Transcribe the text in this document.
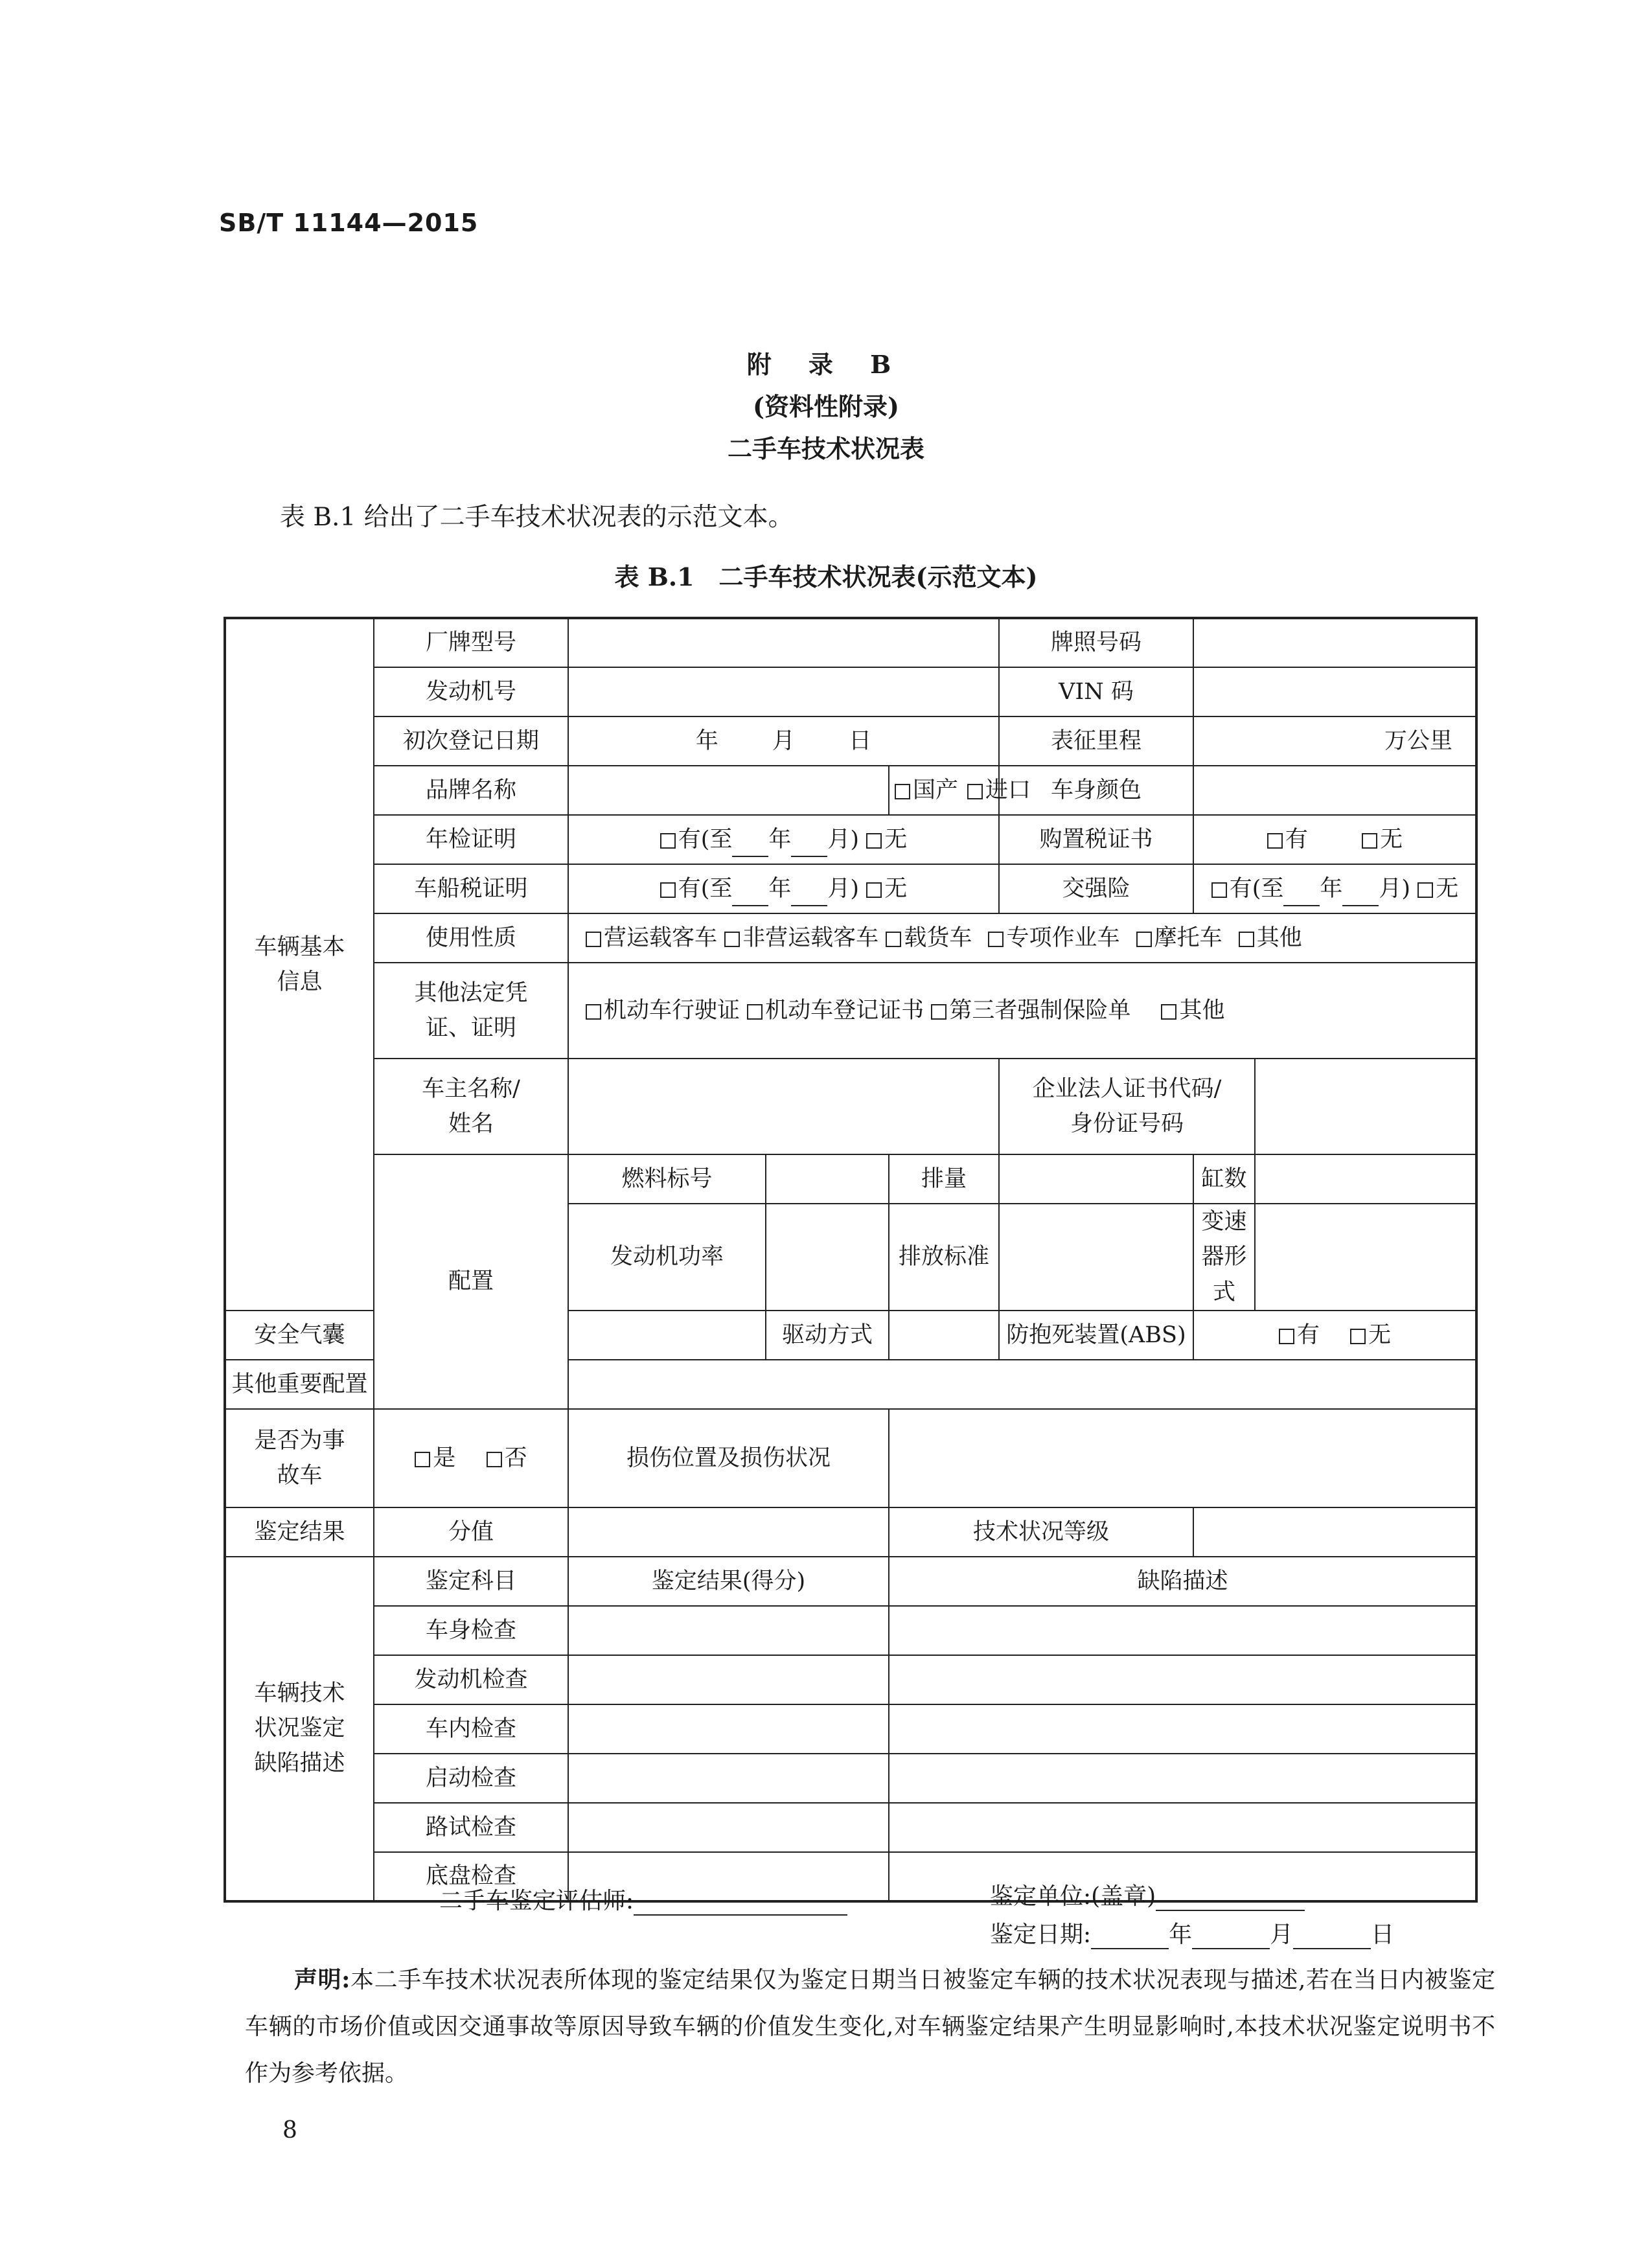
SB/T 11144—2015
附 录 B
(资料性附录)
二手车技术状况表
表 B.1 给出了二手车技术状况表的示范文本。
表 B.1　二手车技术状况表(示范文本)
车辆基本信息	厂牌型号				牌照号码		
	发动机号				VIN 码		
	初次登记日期	年 月 日			表征里程	万公里	
	品牌名称			国产 进口	车身颜色		
	年检证明	有(至 年 月) 无			购置税证书	有 无	
	车船税证明	有(至 年 月) 无			交强险	有(至 年 月) 无	
	使用性质	营运载客车 非营运载客车 载货车 专项作业车 摩托车 其他					
	其他法定凭证、证明	机动车行驶证 机动车登记证书 第三者强制保险单 其他					
	车主名称/姓名				企业法人证书代码/身份证号码		
	配置	燃料标号		排量		缸数	
		发动机功率		排放标准		变速器形式	
安全气囊			驱动方式		防抱死装置(ABS)	有 无	
其他重要配置							
是否为事故车	是 否	损伤位置及损伤状况					
鉴定结果	分值			技术状况等级			
车辆技术状况鉴定缺陷描述	鉴定科目	鉴定结果(得分)		缺陷描述			
	车身检查						
	发动机检查						
	车内检查						
	启动检查						
	路试检查						
	底盘检查						
二手车鉴定评估师:	鉴定单位:(盖章)
鉴定日期:	年	月	日
声明:本二手车技术状况表所体现的鉴定结果仅为鉴定日期当日被鉴定车辆的技术状况表现与描述,若在当日内被鉴定车辆的市场价值或因交通事故等原因导致车辆的价值发生变化,对车辆鉴定结果产生明显影响时,本技术状况鉴定说明书不作为参考依据。
8
